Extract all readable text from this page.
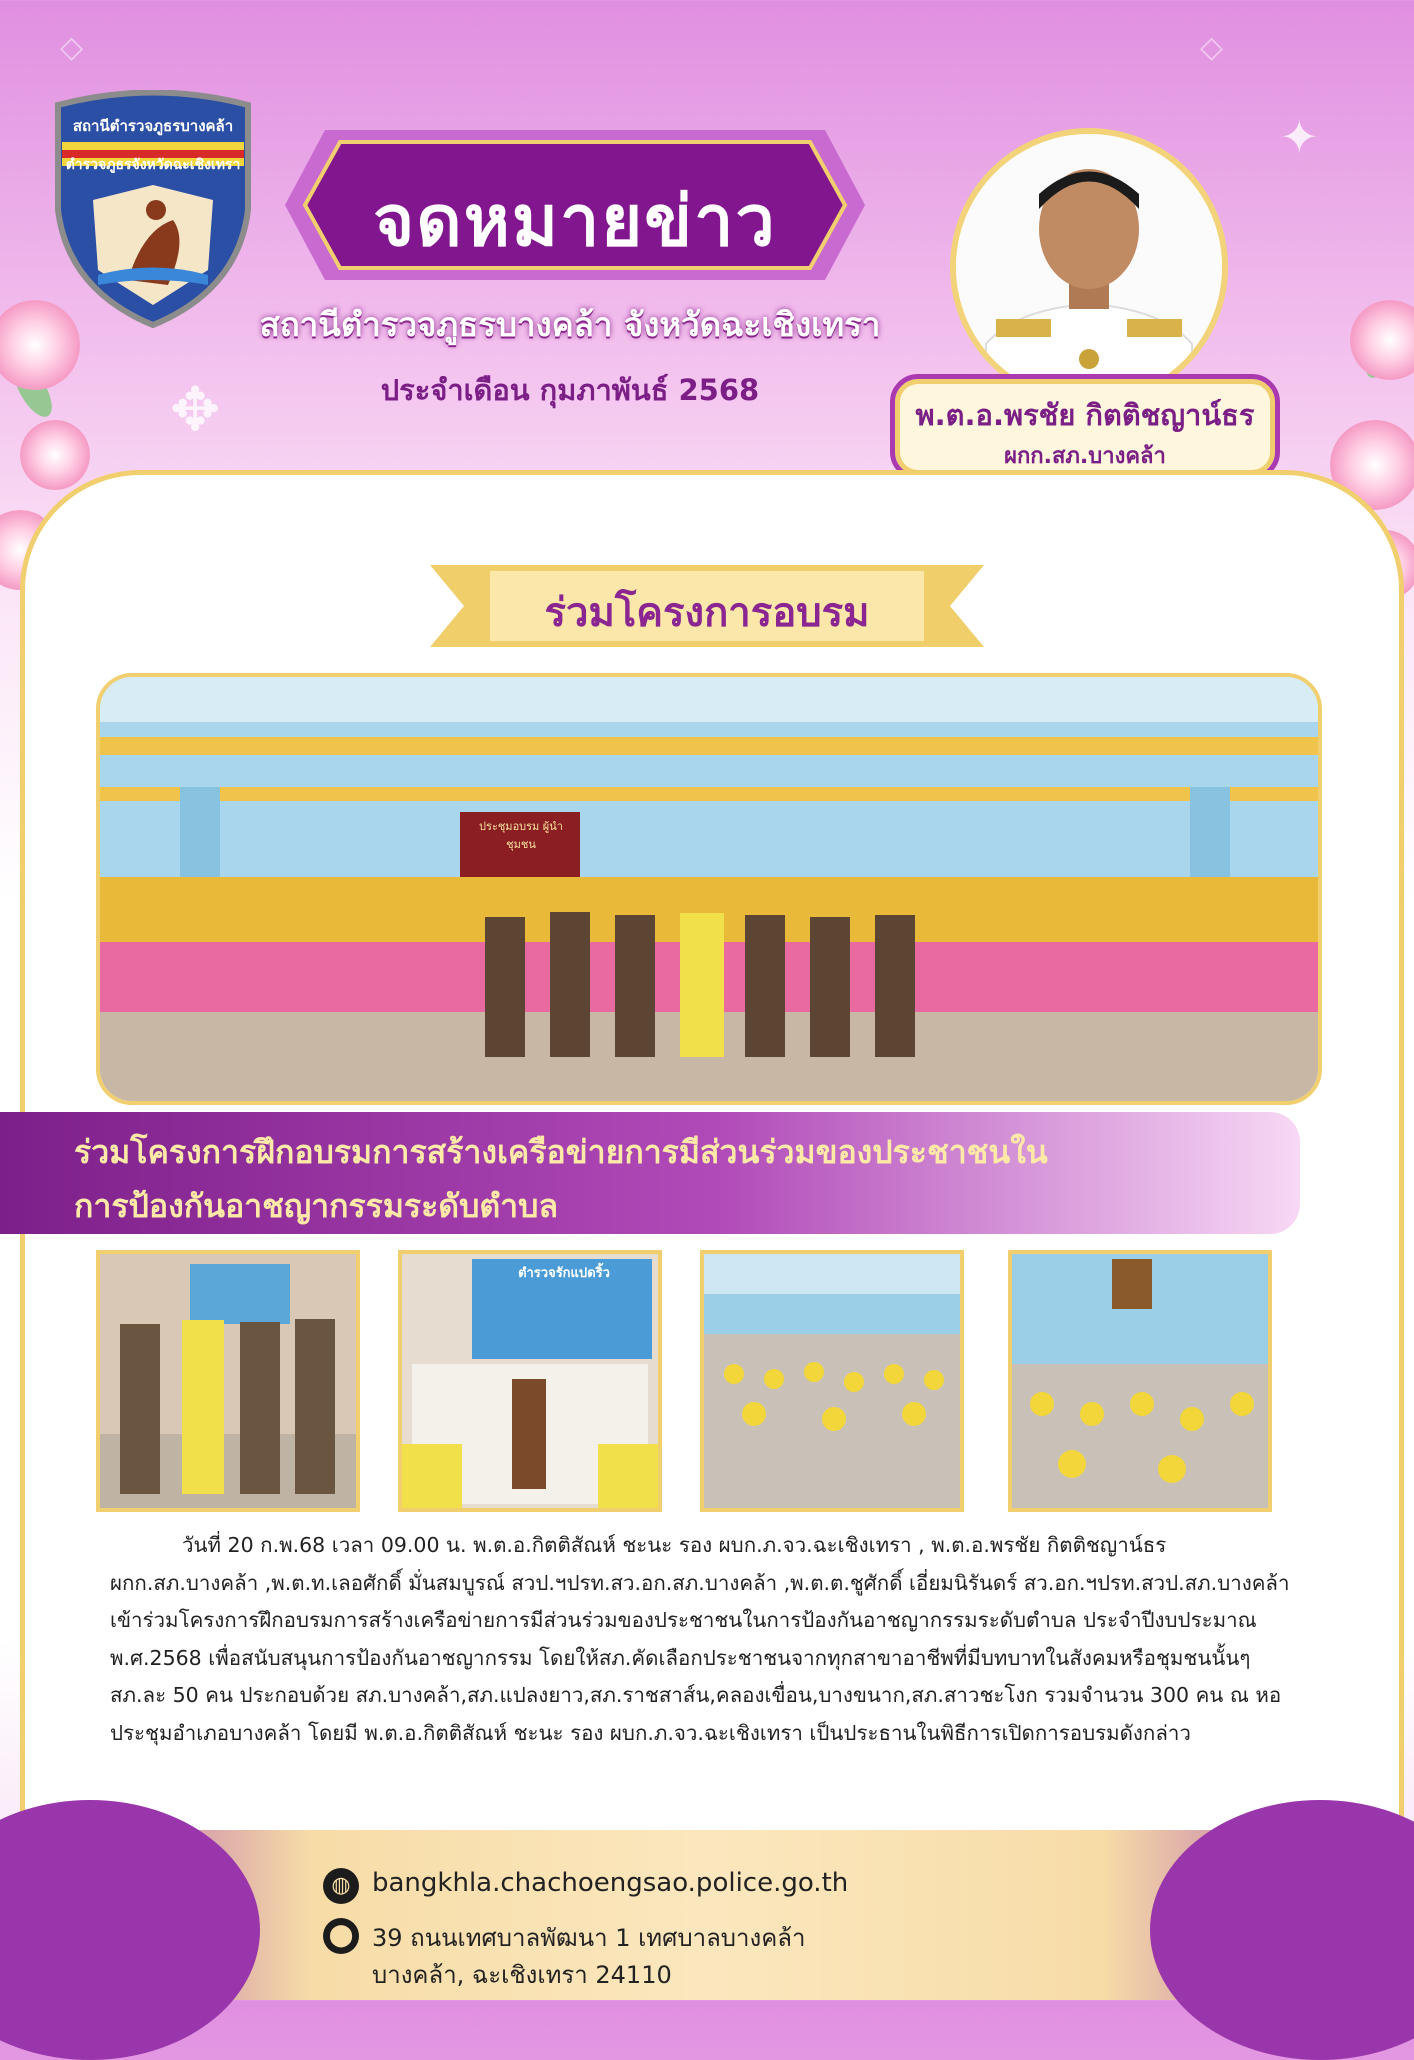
✦
✥
◇
◇
สถานีตำรวจภูธรบางคล้า
ตำรวจภูธรจังหวัดฉะเชิงเทรา
จดหมายข่าว
สถานีตำรวจภูธรบางคล้า จังหวัดฉะเชิงเทรา
ประจำเดือน กุมภาพันธ์ 2568
พ.ต.อ.พรชัย กิตติชญาน์ธร
ผกก.สภ.บางคล้า
ร่วมโครงการอบรม
ประชุมอบรม ผู้นำชุมชน
ร่วมโครงการฝึกอบรมการสร้างเครือข่ายการมีส่วนร่วมของประชาชนใน
การป้องกันอาชญากรรมระดับตำบล
ตำรวจรักแปดริ้ว
วันที่ 20 ก.พ.68 เวลา 09.00 น. พ.ต.อ.กิตติสัณห์ ชะนะ รอง ผบก.ภ.จว.ฉะเชิงเทรา , พ.ต.อ.พรชัย กิตติชญาน์ธร ผกก.สภ.บางคล้า ,พ.ต.ท.เลอศักดิ์ มั่นสมบูรณ์ สวป.ฯปรท.สว.อก.สภ.บางคล้า ,พ.ต.ต.ชูศักดิ์ เอี่ยมนิรันดร์ สว.อก.ฯปรท.สวป.สภ.บางคล้า เข้าร่วมโครงการฝึกอบรมการสร้างเครือข่ายการมีส่วนร่วมของประชาชนในการป้องกันอาชญากรรมระดับตำบล ประจำปีงบประมาณ พ.ศ.2568 เพื่อสนับสนุนการป้องกันอาชญากรรม โดยให้สภ.คัดเลือกประชาชนจากทุกสาขาอาชีพที่มีบทบาทในสังคมหรือชุมชนนั้นๆ สภ.ละ 50 คน ประกอบด้วย สภ.บางคล้า,สภ.แปลงยาว,สภ.ราชสาส์น,คลองเขื่อน,บางขนาก,สภ.สาวชะโงก รวมจำนวน 300 คน ณ หอประชุมอำเภอบางคล้า โดยมี พ.ต.อ.กิตติสัณห์ ชะนะ รอง ผบก.ภ.จว.ฉะเชิงเทรา เป็นประธานในพิธีการเปิดการอบรมดังกล่าว
◍ bangkhla.chachoengsao.police.go.th
⬤ 39 ถนนเทศบาลพัฒนา 1 เทศบาลบางคล้า
บางคล้า, ฉะเชิงเทรา 24110
